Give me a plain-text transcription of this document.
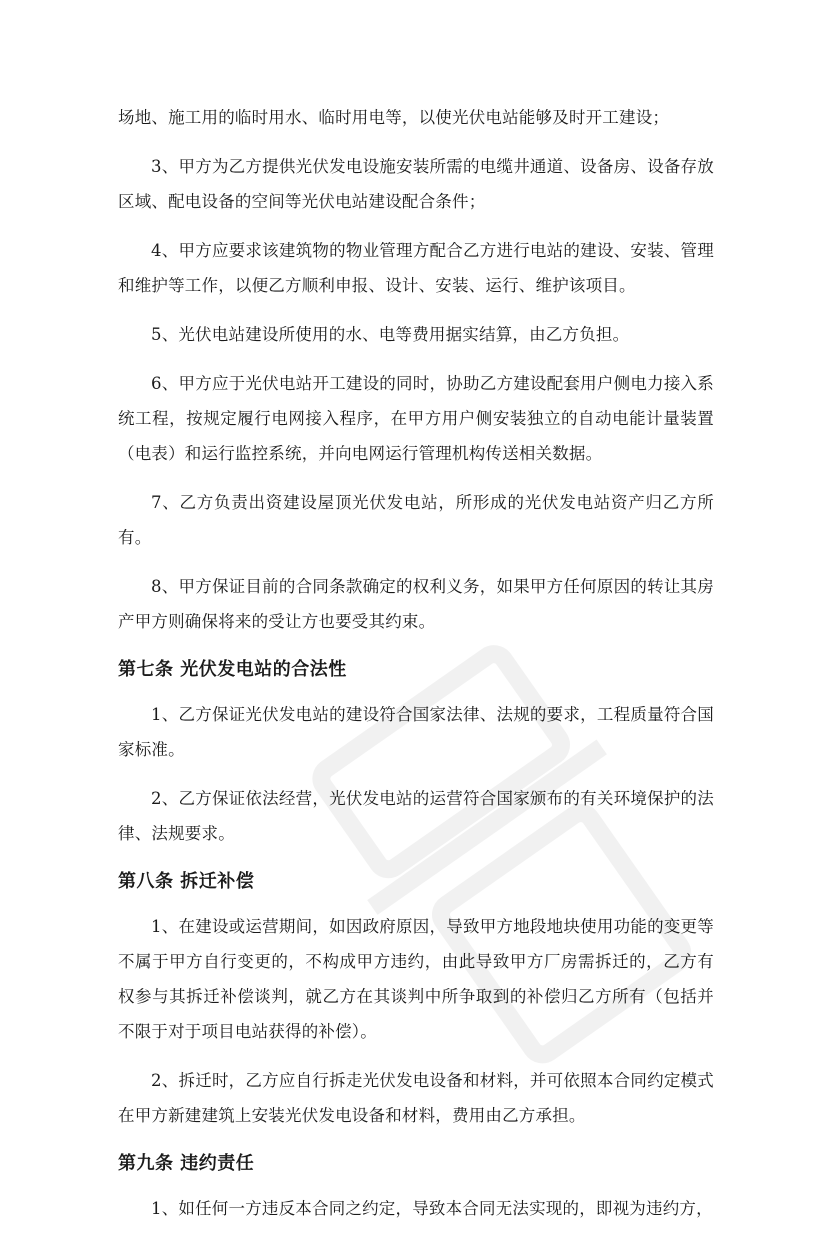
场地、施工用的临时用水、临时用电等，以使光伏电站能够及时开工建设；

3、甲方为乙方提供光伏发电设施安装所需的电缆井通道、设备房、设备存放区域、配电设备的空间等光伏电站建设配合条件；

4、甲方应要求该建筑物的物业管理方配合乙方进行电站的建设、安装、管理和维护等工作，以便乙方顺利申报、设计、安装、运行、维护该项目。

5、光伏电站建设所使用的水、电等费用据实结算，由乙方负担。

6、甲方应于光伏电站开工建设的同时，协助乙方建设配套用户侧电力接入系统工程，按规定履行电网接入程序，在甲方用户侧安装独立的自动电能计量装置（电表）和运行监控系统，并向电网运行管理机构传送相关数据。

7、乙方负责出资建设屋顶光伏发电站，所形成的光伏发电站资产归乙方所有。

8、甲方保证目前的合同条款确定的权利义务，如果甲方任何原因的转让其房产甲方则确保将来的受让方也要受其约束。

第七条 光伏发电站的合法性

1、乙方保证光伏发电站的建设符合国家法律、法规的要求，工程质量符合国家标准。

2、乙方保证依法经营，光伏发电站的运营符合国家颁布的有关环境保护的法律、法规要求。

第八条 拆迁补偿

1、在建设或运营期间，如因政府原因，导致甲方地段地块使用功能的变更等不属于甲方自行变更的，不构成甲方违约，由此导致甲方厂房需拆迁的，乙方有权参与其拆迁补偿谈判，就乙方在其谈判中所争取到的补偿归乙方所有（包括并不限于对于项目电站获得的补偿）。

2、拆迁时，乙方应自行拆走光伏发电设备和材料，并可依照本合同约定模式在甲方新建建筑上安装光伏发电设备和材料，费用由乙方承担。

第九条 违约责任

1、如任何一方违反本合同之约定，导致本合同无法实现的，即视为违约方，
